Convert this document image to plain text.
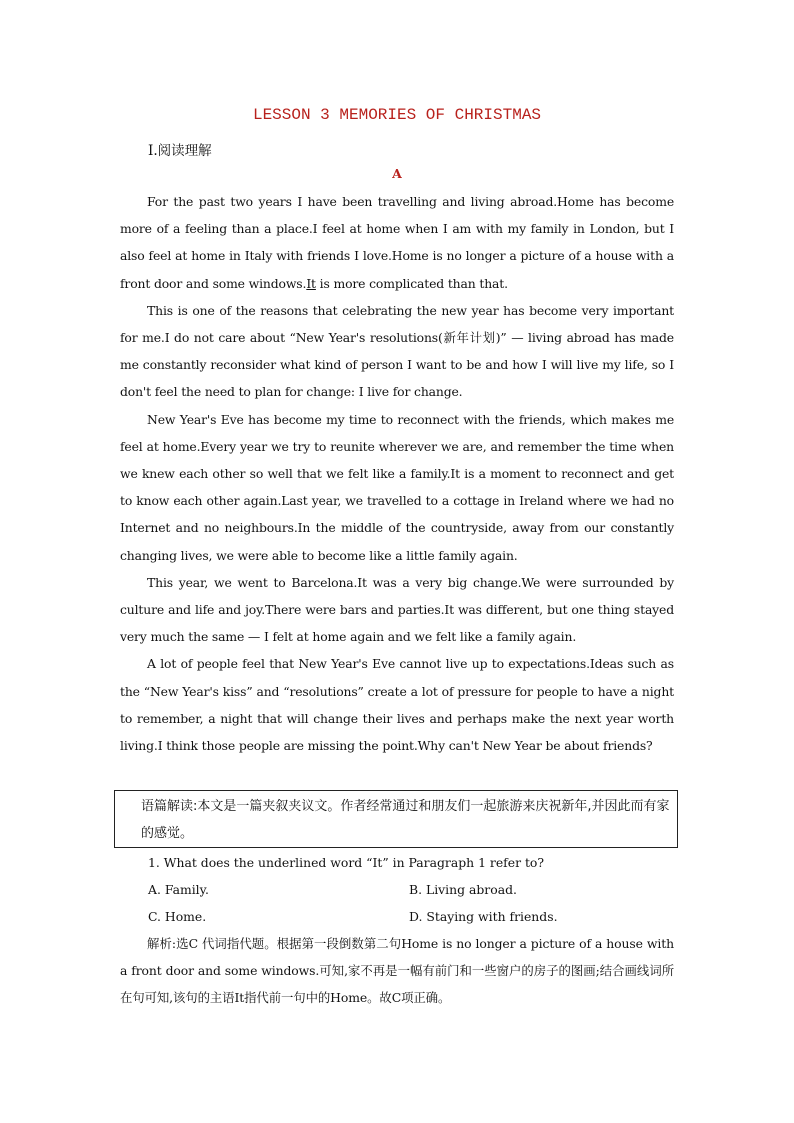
LESSON 3 MEMORIES OF CHRISTMAS
Ⅰ.阅读理解
A

For the past two years I have been travelling and living abroad.Home has become more of a feeling than a place.I feel at home when I am with my family in London, but I also feel at home in Italy with friends I love.Home is no longer a picture of a house with a front door and some windows.It is more complicated than that.

This is one of the reasons that celebrating the new year has become very important for me.I do not care about “New Year's resolutions(新年计划)” — living abroad has made me constantly reconsider what kind of person I want to be and how I will live my life, so I don't feel the need to plan for change: I live for change.

New Year's Eve has become my time to reconnect with the friends, which makes me feel at home.Every year we try to reunite wherever we are, and remember the time when we knew each other so well that we felt like a family.It is a moment to reconnect and get to know each other again.Last year, we travelled to a cottage in Ireland where we had no Internet and no neighbours.In the middle of the countryside, away from our constantly changing lives, we were able to become like a little family again.

This year, we went to Barcelona.It was a very big change.We were surrounded by culture and life and joy.There were bars and parties.It was different, but one thing stayed very much the same — I felt at home again and we felt like a family again.

A lot of people feel that New Year's Eve cannot live up to expectations.Ideas such as the “New Year's kiss” and “resolutions” create a lot of pressure for people to have a night to remember, a night that will change their lives and perhaps make the next year worth living.I think those people are missing the point.Why can't New Year be about friends?

语篇解读:本文是一篇夹叙夹议文。作者经常通过和朋友们一起旅游来庆祝新年,并因此而有家的感觉。
1. What does the underlined word “It” in Paragraph 1 refer to?
A. Family.	B. Living abroad.
C. Home.	D. Staying with friends.

解析:选C 代词指代题。根据第一段倒数第二句Home is no longer a picture of a house with a front door and some windows.可知,家不再是一幅有前门和一些窗户的房子的图画;结合画线词所在句可知,该句的主语It指代前一句中的Home。故C项正确。
